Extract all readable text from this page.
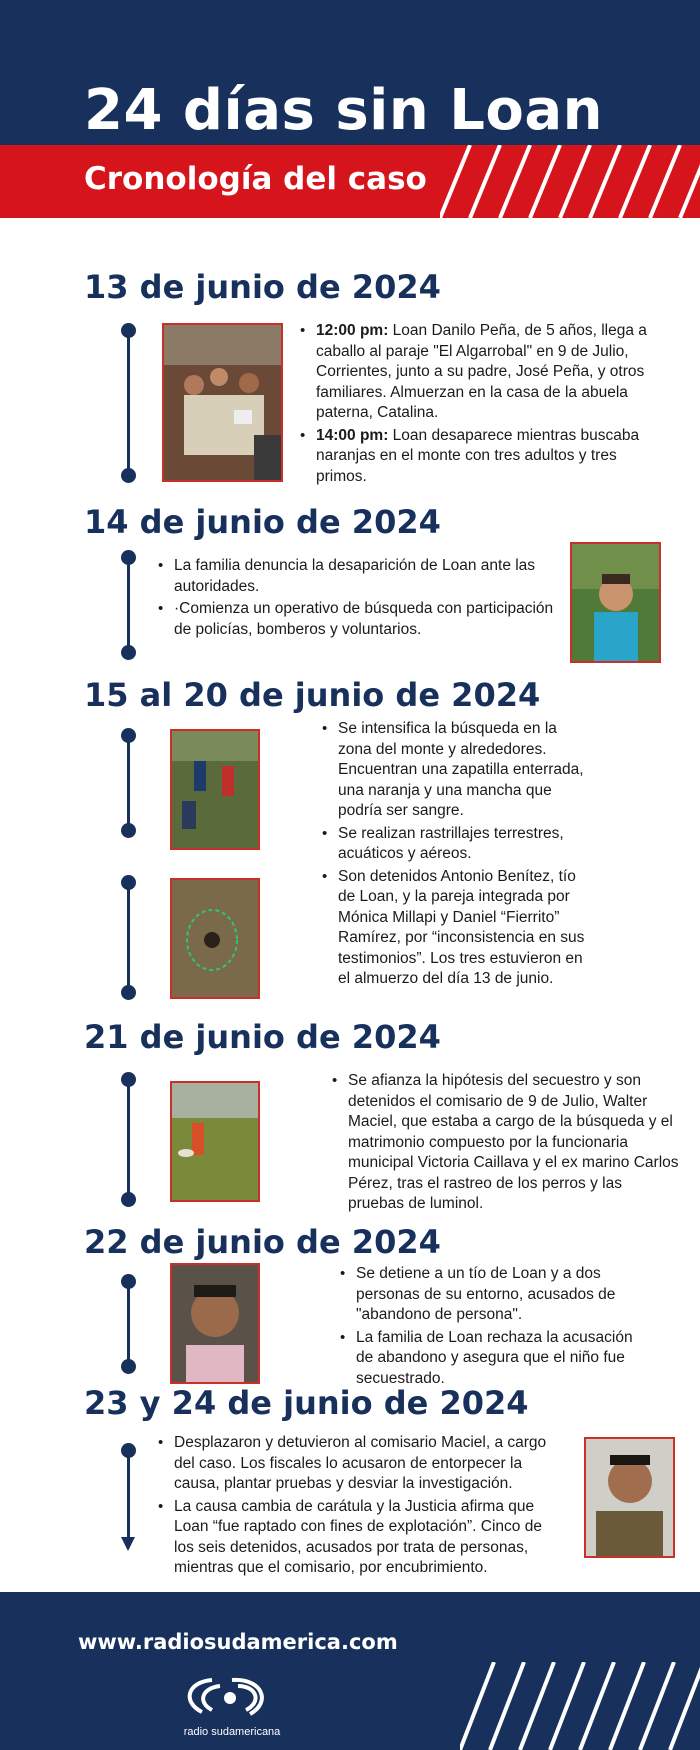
24 días sin Loan
Cronología del caso
13 de junio de 2024
• 12:00 pm: Loan Danilo Peña, de 5 años, llega a caballo al paraje "El Algarrobal" en 9 de Julio, Corrientes, junto a su padre, José Peña, y otros familiares. Almuerzan en la casa de la abuela paterna, Catalina.
• 14:00 pm: Loan desaparece mientras buscaba naranjas en el monte con tres adultos y tres primos.
14 de junio de 2024
• La familia denuncia la desaparición de Loan ante las autoridades.
• ·Comienza un operativo de búsqueda con participación de policías, bomberos y voluntarios.
15 al 20 de junio de 2024
• Se intensifica la búsqueda en la zona del monte y alrededores. Encuentran una zapatilla enterrada, una naranja y una mancha que podría ser sangre.
• Se realizan rastrillajes terrestres, acuáticos y aéreos.
• Son detenidos Antonio Benítez, tío de Loan, y la pareja integrada por Mónica Millapi y Daniel “Fierrito” Ramírez, por “inconsistencia en sus testimonios”. Los tres estuvieron en el almuerzo del día 13 de junio.
21 de junio de 2024
• Se afianza la hipótesis del secuestro y son detenidos el comisario de 9 de Julio, Walter Maciel, que estaba a cargo de la búsqueda y el matrimonio compuesto por la funcionaria municipal Victoria Caillava y el ex marino Carlos Pérez, tras el rastreo de los perros y las pruebas de luminol.
22 de junio de 2024
• Se detiene a un tío de Loan y a dos personas de su entorno, acusados de "abandono de persona".
• La familia de Loan rechaza la acusación de abandono y asegura que el niño fue secuestrado.
23 y 24 de junio de 2024
• Desplazaron y detuvieron al comisario Maciel, a cargo del caso. Los fiscales lo acusaron de entorpecer la causa, plantar pruebas y desviar la investigación.
• La causa cambia de carátula y la Justicia afirma que Loan “fue raptado con fines de explotación”. Cinco de los seis detenidos, acusados por trata de personas, mientras que el comisario, por encubrimiento.
www.radiosudamerica.com
radio sudamericana
